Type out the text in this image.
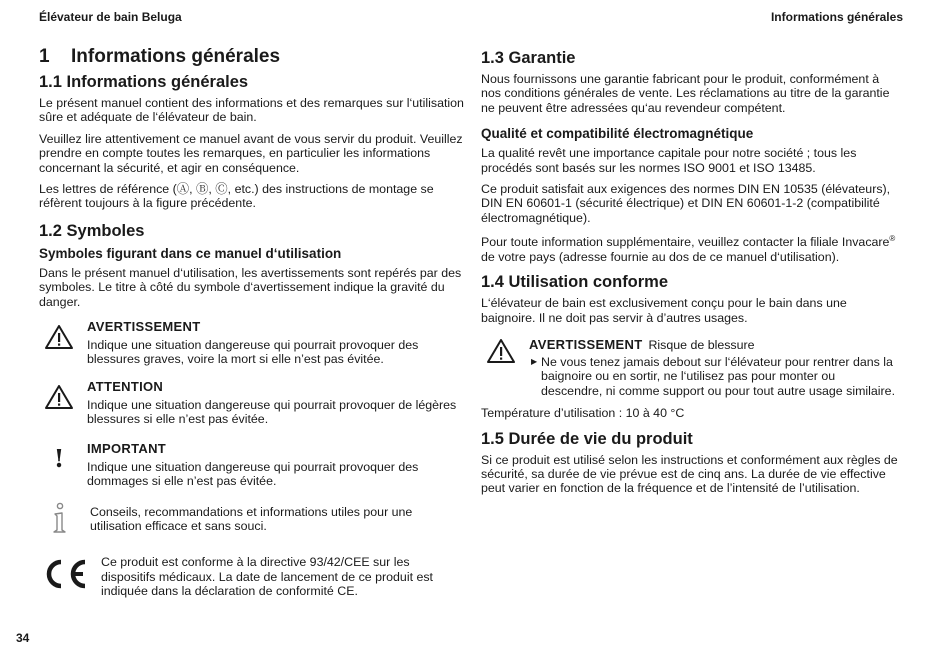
Élévateur de bain Beluga	Informations générales
1 Informations générales
1.1 Informations générales

Le présent manuel contient des informations et des remarques sur l‘utilisation sûre et adéquate de l‘élévateur de bain.

Veuillez lire attentivement ce manuel avant de vous servir du produit. Veuillez prendre en compte toutes les remarques, en particulier les informations concernant la sécurité, et agir en conséquence.

Les lettres de référence (Ⓐ, Ⓑ, Ⓒ, etc.) des instructions de montage se réfèrent toujours à la figure précédente.

1.2 Symboles
Symboles figurant dans ce manuel d‘utilisation

Dans le présent manuel d‘utilisation, les avertissements sont repérés par des symboles. Le titre à côté du symbole d‘avertissement indique la gravité du danger.

AVERTISSEMENT

Indique une situation dangereuse qui pourrait provoquer des blessures graves, voire la mort si elle n’est pas évitée.

ATTENTION

Indique une situation dangereuse qui pourrait provoquer de légères blessures si elle n’est pas évitée.

! IMPORTANT

Indique une situation dangereuse qui pourrait provoquer des dommages si elle n’est pas évitée.

Conseils, recommandations et informations utiles pour une utilisation efficace et sans souci.

Ce produit est conforme à la directive 93/42/CEE sur les dispositifs médicaux. La date de lancement de ce produit est indiquée dans la déclaration de conformité CE.

1.3 Garantie

Nous fournissons une garantie fabricant pour le produit, conformément à nos conditions générales de vente. Les réclamations au titre de la garantie ne peuvent être adressées qu‘au revendeur compétent.

Qualité et compatibilité électromagnétique

La qualité revêt une importance capitale pour notre société ; tous les procédés sont basés sur les normes ISO 9001 et ISO 13485.

Ce produit satisfait aux exigences des normes DIN EN 10535 (élévateurs), DIN EN 60601-1 (sécurité électrique) et DIN EN 60601-1-2 (compatibilité électromagnétique).

Pour toute information supplémentaire, veuillez contacter la filiale Invacare® de votre pays (adresse fournie au dos de ce manuel d‘utilisation).

1.4 Utilisation conforme

L‘élévateur de bain est exclusivement conçu pour le bain dans une baignoire. Il ne doit pas servir à d’autres usages.

AVERTISSEMENT Risque de blessure
▶ Ne vous tenez jamais debout sur l‘élévateur pour rentrer dans la baignoire ou en sortir, ne l‘utilisez pas pour monter ou descendre, ni comme support ou pour tout autre usage similaire.

Température d’utilisation : 10 à 40 °C

1.5 Durée de vie du produit

Si ce produit est utilisé selon les instructions et conformément aux règles de sécurité, sa durée de vie prévue est de cinq ans. La durée de vie effective peut varier en fonction de la fréquence et de l’intensité de l’utilisation.

34
